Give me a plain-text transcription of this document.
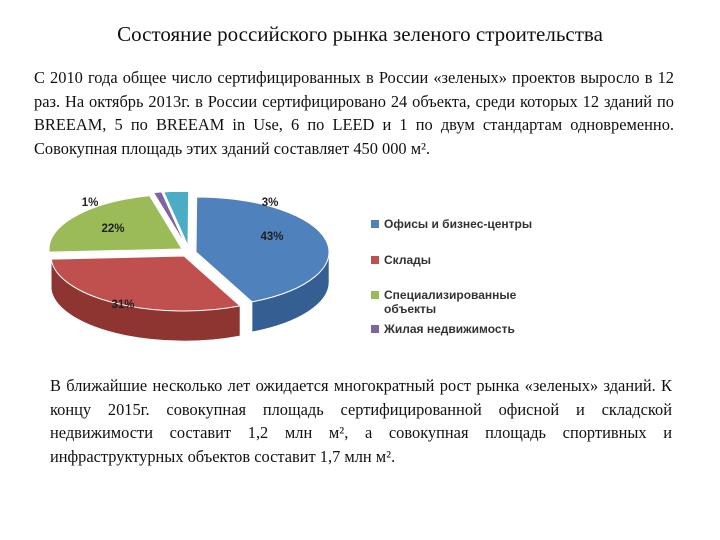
Состояние российского рынка зеленого строительства

С 2010 года общее число сертифицированных в России «зеленых» проектов выросло в 12 раз. На октябрь 2013г. в России сертифицировано 24 объекта, среди которых 12 зданий по BREEAM, 5 по BREEAM in Use, 6 по LEED и 1 по двум стандартам одновременно. Совокупная площадь этих зданий составляет 450 000 м².

43%
31%
22%
1%	3%
Офисы и бизнес-центры
Склады
Специализированные объекты
Жилая недвижимость

В ближайшие несколько лет ожидается многократный рост рынка «зеленых» зданий. К концу 2015г. совокупная площадь сертифицированной офисной и складской недвижимости составит 1,2 млн м², а совокупная площадь спортивных и инфраструктурных объектов составит 1,7 млн м².
